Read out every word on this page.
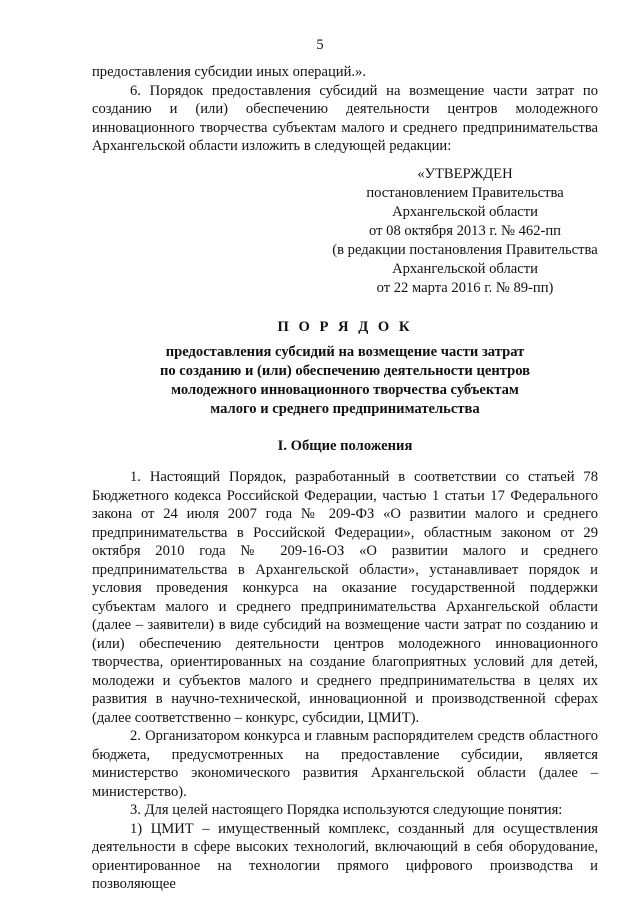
5

предоставления субсидии иных операций.».

6. Порядок предоставления субсидий на возмещение части затрат по созданию и (или) обеспечению деятельности центров молодежного инновационного творчества субъектам малого и среднего предпринимательства Архангельской области изложить в следующей редакции:

«УТВЕРЖДЕН
постановлением Правительства
Архангельской области
от 08 октября 2013 г. № 462-пп
(в редакции постановления Правительства
Архангельской области
от 22 марта 2016 г. № 89-пп)
П О Р Я Д О К
предоставления субсидий на возмещение части затрат
по созданию и (или) обеспечению деятельности центров
молодежного инновационного творчества субъектам
малого и среднего предпринимательства
I. Общие положения

1. Настоящий Порядок, разработанный в соответствии со статьей 78 Бюджетного кодекса Российской Федерации, частью 1 статьи 17 Федерального закона от 24 июля 2007 года № 209-ФЗ «О развитии малого и среднего предпринимательства в Российской Федерации», областным законом от 29 октября 2010 года № 209-16-ОЗ «О развитии малого и среднего предпринимательства в Архангельской области», устанавливает порядок и условия проведения конкурса на оказание государственной поддержки субъектам малого и среднего предпринимательства Архангельской области (далее – заявители) в виде субсидий на возмещение части затрат по созданию и (или) обеспечению деятельности центров молодежного инновационного творчества, ориентированных на создание благоприятных условий для детей, молодежи и субъектов малого и среднего предпринимательства в целях их развития в научно-технической, инновационной и производственной сферах (далее соответственно – конкурс, субсидии, ЦМИТ).

2. Организатором конкурса и главным распорядителем средств областного бюджета, предусмотренных на предоставление субсидии, является министерство экономического развития Архангельской области (далее – министерство).

3. Для целей настоящего Порядка используются следующие понятия:

1) ЦМИТ – имущественный комплекс, созданный для осуществления деятельности в сфере высоких технологий, включающий в себя оборудование, ориентированное на технологии прямого цифрового производства и позволяющее
